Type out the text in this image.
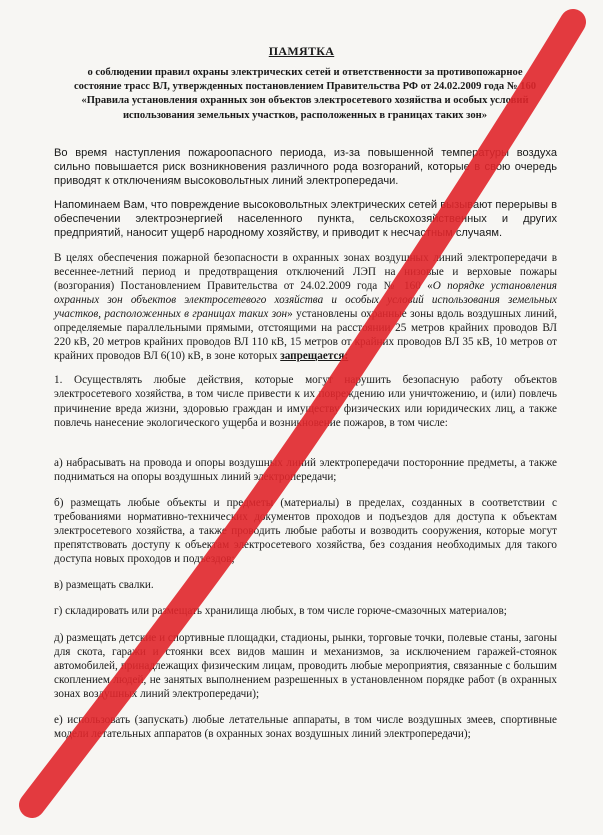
ПАМЯТКА
о соблюдении правил охраны электрических сетей и ответственности за противопожарное состояние трасс ВЛ, утвержденных постановлением Правительства РФ от 24.02.2009 года № 160 «Правила установления охранных зон объектов электросетевого хозяйства и особых условий использования земельных участков, расположенных в границах таких зон»

Во время наступления пожароопасного периода, из-за повышенной температуры воздуха сильно повышается риск возникновения различного рода возгораний, которые в свою очередь приводят к отключениям высоковольтных линий электропередачи.

Напоминаем Вам, что повреждение высоковольтных электрических сетей вызывают перерывы в обеспечении электроэнергией населенного пункта, сельскохозяйственных и других предприятий, наносит ущерб народному хозяйству, и приводит к несчастным случаям.

В целях обеспечения пожарной безопасности в охранных зонах воздушных линий электропередачи в весеннее-летний период и предотвращения отключений ЛЭП на низовые и верховые пожары (возгорания) Постановлением Правительства от 24.02.2009 года № 160 «О порядке установления охранных зон объектов электросетевого хозяйства и особых условий использования земельных участков, расположенных в границах таких зон» установлены охранные зоны вдоль воздушных линий, определяемые параллельными прямыми, отстоящими на расстоянии 25 метров крайних проводов ВЛ 220 кВ, 20 метров крайних проводов ВЛ 110 кВ, 15 метров от крайних проводов ВЛ 35 кВ, 10 метров от крайних проводов ВЛ 6(10) кВ, в зоне которых запрещается:

1. Осуществлять любые действия, которые могут нарушить безопасную работу объектов электросетевого хозяйства, в том числе привести к их повреждению или уничтожению, и (или) повлечь причинение вреда жизни, здоровью граждан и имуществу физических или юридических лиц, а также повлечь нанесение экологического ущерба и возникновение пожаров, в том числе:

а) набрасывать на провода и опоры воздушных линий электропередачи посторонние предметы, а также подниматься на опоры воздушных линий электропередачи;

б) размещать любые объекты и предметы (материалы) в пределах, созданных в соответствии с требованиями нормативно-технических документов проходов и подъездов для доступа к объектам электросетевого хозяйства, а также проводить любые работы и возводить сооружения, которые могут препятствовать доступу к объектам электросетевого хозяйства, без создания необходимых для такого доступа новых проходов и подъездов;

в) размещать свалки.

г) складировать или размещать хранилища любых, в том числе горюче-смазочных материалов;

д) размещать детские и спортивные площадки, стадионы, рынки, торговые точки, полевые станы, загоны для скота, гаражи и стоянки всех видов машин и механизмов, за исключением гаражей-стоянок автомобилей, принадлежащих физическим лицам, проводить любые мероприятия, связанные с большим скоплением людей, не занятых выполнением разрешенных в установленном порядке работ (в охранных зонах воздушных линий электропередачи);

е) использовать (запускать) любые летательные аппараты, в том числе воздушных змеев, спортивные модели летательных аппаратов (в охранных зонах воздушных линий электропередачи);
